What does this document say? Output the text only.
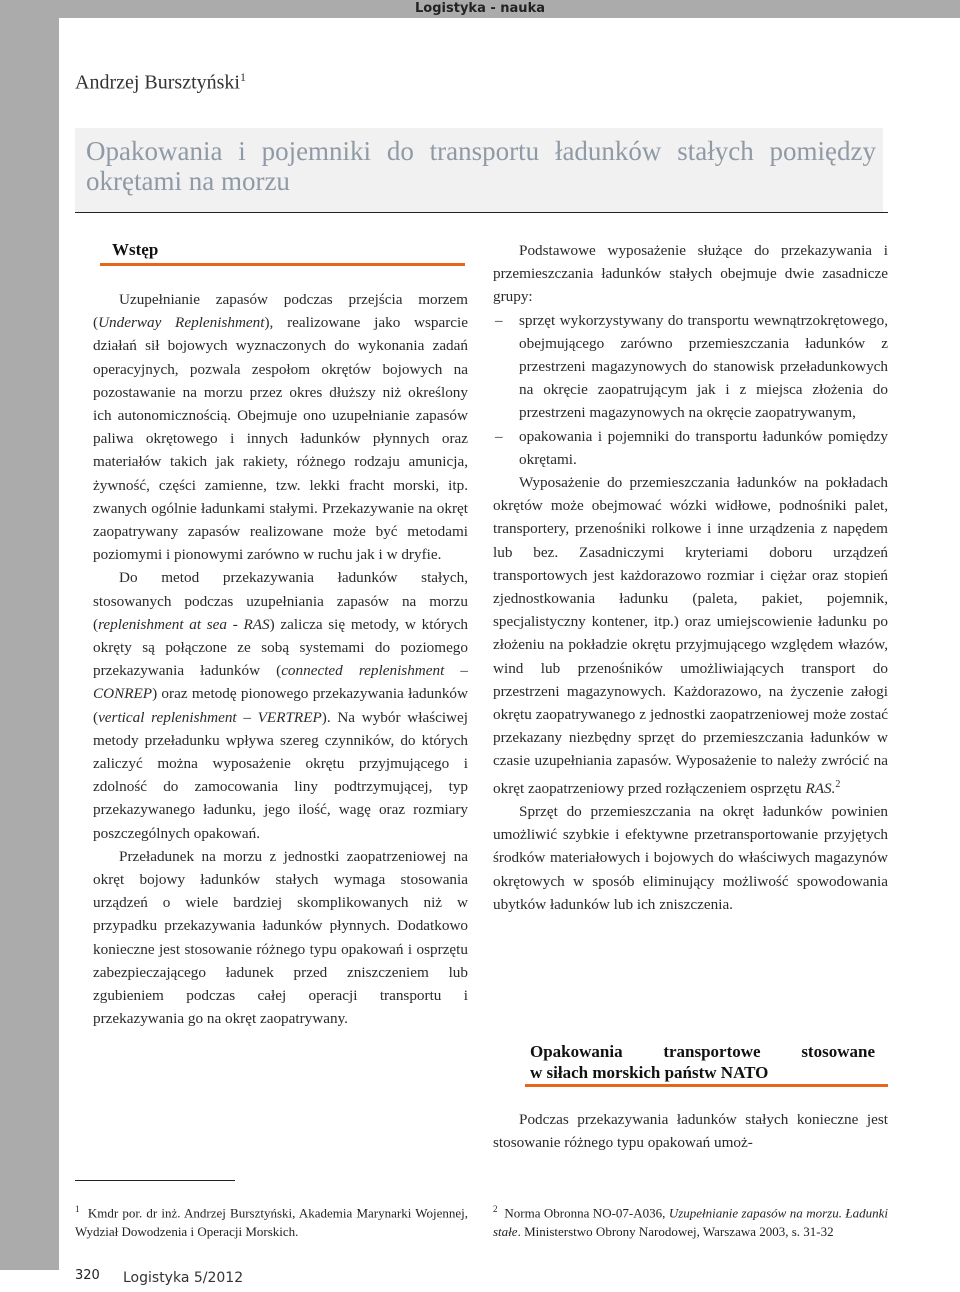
Logistyka - nauka
Andrzej Bursztyński$^1$
Opakowania i pojemniki do transportu ładunków stałych pomiędzy okrętami na morzu
Wstęp

Uzupełnianie zapasów podczas przejścia morzem (Underway Replenishment), realizowane jako wsparcie działań sił bojowych wyznaczonych do wykonania zadań operacyjnych, pozwala zespołom okrętów bojowych na pozostawanie na morzu przez okres dłuższy niż określony ich autonomicznością. Obejmuje ono uzupełnianie zapasów paliwa okrętowego i innych ładunków płynnych oraz materiałów takich jak rakiety, różnego rodzaju amunicja, żywność, części zamienne, tzw. lekki fracht morski, itp. zwanych ogólnie ładunkami stałymi. Przekazywanie na okręt zaopatrywany zapasów realizowane może być metodami poziomymi i pionowymi zarówno w ruchu jak i w dryfie.

Do metod przekazywania ładunków stałych, stosowanych podczas uzupełniania zapasów na morzu (replenishment at sea - RAS) zalicza się metody, w których okręty są połączone ze sobą systemami do poziomego przekazywania ładunków (connected replenishment – CONREP) oraz metodę pionowego przekazywania ładunków (vertical replenishment – VERTREP). Na wybór właściwej metody przeładunku wpływa szereg czynników, do których zaliczyć można wyposażenie okrętu przyjmującego i zdolność do zamocowania liny podtrzymującej, typ przekazywanego ładunku, jego ilość, wagę oraz rozmiary poszczególnych opakowań.

Przeładunek na morzu z jednostki zaopatrzeniowej na okręt bojowy ładunków stałych wymaga stosowania urządzeń o wiele bardziej skomplikowanych niż w przypadku przekazywania ładunków płynnych. Dodatkowo konieczne jest stosowanie różnego typu opakowań i osprzętu zabezpieczającego ładunek przed zniszczeniem lub zgubieniem podczas całej operacji transportu i przekazywania go na okręt zaopatrywany.

Podstawowe wyposażenie służące do przekazywania i przemieszczania ładunków stałych obejmuje dwie zasadnicze grupy:

– sprzęt wykorzystywany do transportu wewnątrzokrętowego, obejmującego zarówno przemieszczania ładunków z przestrzeni magazynowych do stanowisk przeładunkowych na okręcie zaopatrującym jak i z miejsca złożenia do przestrzeni magazynowych na okręcie zaopatrywanym,
– opakowania i pojemniki do transportu ładunków pomiędzy okrętami.

Wyposażenie do przemieszczania ładunków na pokładach okrętów może obejmować wózki widłowe, podnośniki palet, transportery, przenośniki rolkowe i inne urządzenia z napędem lub bez. Zasadniczymi kryteriami doboru urządzeń transportowych jest każdorazowo rozmiar i ciężar oraz stopień zjednostkowania ładunku (paleta, pakiet, pojemnik, specjalistyczny kontener, itp.) oraz umiejscowienie ładunku po złożeniu na pokładzie okrętu przyjmującego względem włazów, wind lub przenośników umożliwiających transport do przestrzeni magazynowych. Każdorazowo, na życzenie załogi okrętu zaopatrywanego z jednostki zaopatrzeniowej może zostać przekazany niezbędny sprzęt do przemieszczania ładunków w czasie uzupełniania zapasów. Wyposażenie to należy zwrócić na okręt zaopatrzeniowy przed rozłączeniem osprzętu RAS.$^2$

Sprzęt do przemieszczania na okręt ładunków powinien umożliwić szybkie i efektywne przetransportowanie przyjętych środków materiałowych i bojowych do właściwych magazynów okrętowych w sposób eliminujący możliwość spowodowania ubytków ładunków lub ich zniszczenia.

Opakowania transportowe stosowane
w siłach morskich państw NATO

Podczas przekazywania ładunków stałych konieczne jest stosowanie różnego typu opakowań umoż-

$^1$ Kmdr por. dr inż. Andrzej Bursztyński, Akademia Marynarki Wojennej, Wydział Dowodzenia i Operacji Morskich.
$^2$ Norma Obronna NO-07-A036, Uzupełnianie zapasów na morzu. Ładunki stałe. Ministerstwo Obrony Narodowej, Warszawa 2003, s. 31-32
320 Logistyka 5/2012
